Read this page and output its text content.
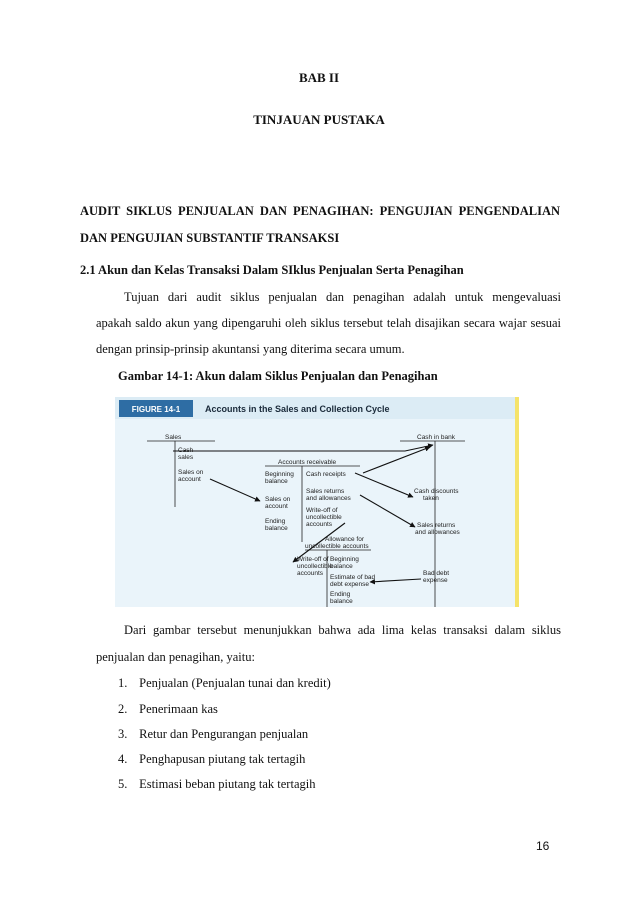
BAB II
TINJAUAN PUSTAKA
AUDIT SIKLUS PENJUALAN DAN PENAGIHAN: PENGUJIAN PENGENDALIAN
DAN PENGUJIAN SUBSTANTIF TRANSAKSI
2.1 Akun dan Kelas Transaksi Dalam SIklus Penjualan Serta Penagihan
Tujuan dari audit siklus penjualan dan penagihan adalah untuk mengevaluasi
apakah saldo akun yang dipengaruhi oleh siklus tersebut telah disajikan secara wajar sesuai
dengan prinsip-prinsip akuntansi yang diterima secara umum.
Gambar 14-1: Akun dalam Siklus Penjualan dan Penagihan
FIGURE 14-1	Accounts in the Sales and Collection Cycle
Sales
Cash
sales
Sales on
account
Cash in bank
Accounts receivable
Beginning
balance
Cash receipts
Sales on
account
Sales returns
and allowances
Write-off of
uncollectible
accounts
Ending
balance
Cash discounts
taken
Sales returns
and allowances
Allowance for
uncollectible accounts
Write-off of
uncollectible
accounts
Beginning
balance
Estimate of bad
debt expense
Ending
balance
Bad debt
expense
Dari gambar tersebut menunjukkan bahwa ada lima kelas transaksi dalam siklus
penjualan dan penagihan, yaitu:
1. Penjualan (Penjualan tunai dan kredit)
2. Penerimaan kas
3. Retur dan Pengurangan penjualan
4. Penghapusan piutang tak tertagih
5. Estimasi beban piutang tak tertagih
16
